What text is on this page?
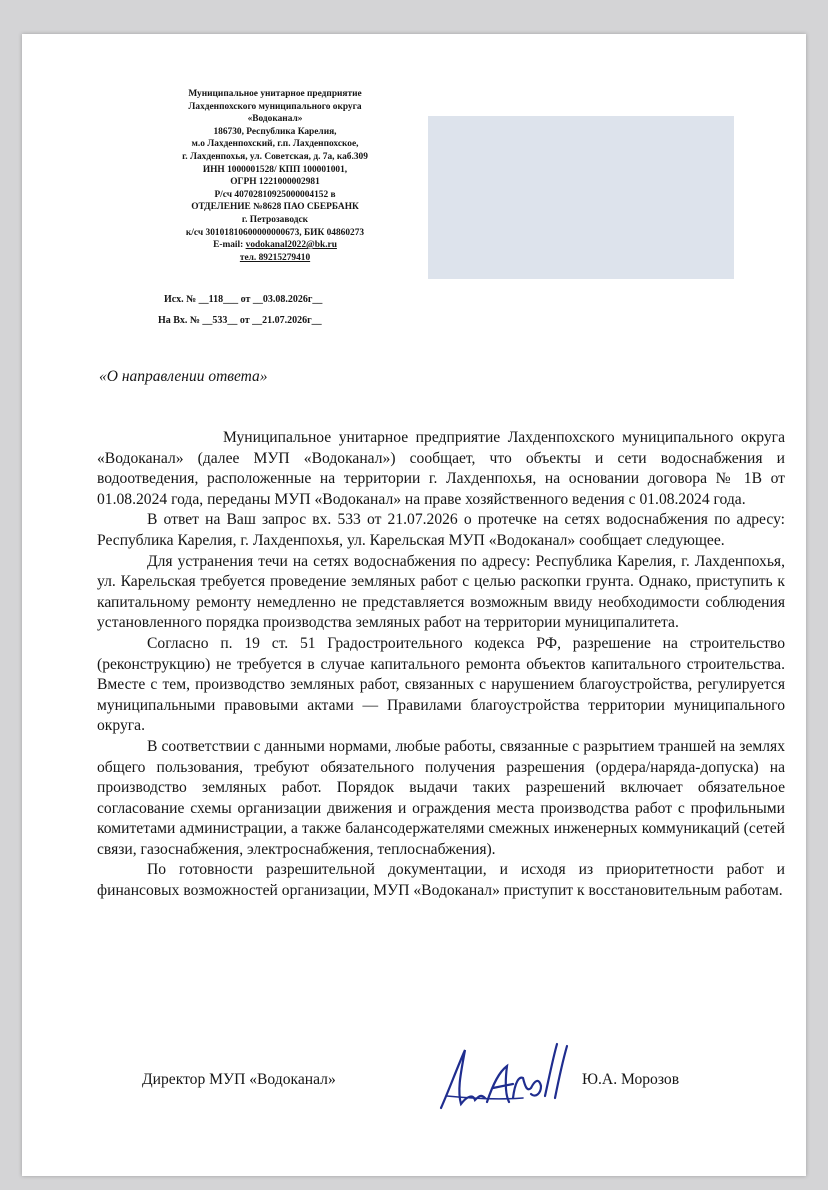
Муниципальное унитарное предприятие
Лахденпохского муниципального округа
«Водоканал»
186730, Республика Карелия,
м.о Лахденпохский, г.п. Лахденпохское,
г. Лахденпохья, ул. Советская, д. 7а, каб.309
ИНН 1000001528/ КПП 100001001,
ОГРН 1221000002981
Р/сч 40702810925000004152 в
ОТДЕЛЕНИЕ №8628 ПАО СБЕРБАНК
г. Петрозаводск
к/сч 30101810600000000673, БИК 04860273
E-mail: vodokanal2022@bk.ru
тел. 89215279410
Исх. № __118___ от __03.08.2026г__
На Вх. № __533__ от __21.07.2026г__
«О направлении ответа»

Муниципальное унитарное предприятие Лахденпохского муниципального округа «Водоканал» (далее МУП «Водоканал») сообщает, что объекты и сети водоснабжения и водоотведения, расположенные на территории г. Лахденпохья, на основании договора № 1В от 01.08.2024 года, переданы МУП «Водоканал» на праве хозяйственного ведения с 01.08.2024 года.

В ответ на Ваш запрос вх. 533 от 21.07.2026 о протечке на сетях водоснабжения по адресу: Республика Карелия, г. Лахденпохья, ул. Карельская МУП «Водоканал» сообщает следующее.

Для устранения течи на сетях водоснабжения по адресу: Республика Карелия, г. Лахденпохья, ул. Карельская требуется проведение земляных работ с целью раскопки грунта. Однако, приступить к капитальному ремонту немедленно не представляется возможным ввиду необходимости соблюдения установленного порядка производства земляных работ на территории муниципалитета.

Согласно п. 19 ст. 51 Градостроительного кодекса РФ, разрешение на строительство (реконструкцию) не требуется в случае капитального ремонта объектов капитального строительства. Вместе с тем, производство земляных работ, связанных с нарушением благоустройства, регулируется муниципальными правовыми актами — Правилами благоустройства территории муниципального округа.

В соответствии с данными нормами, любые работы, связанные с разрытием траншей на землях общего пользования, требуют обязательного получения разрешения (ордера/наряда-допуска) на производство земляных работ. Порядок выдачи таких разрешений включает обязательное согласование схемы организации движения и ограждения места производства работ с профильными комитетами администрации, а также балансодержателями смежных инженерных коммуникаций (сетей связи, газоснабжения, электроснабжения, теплоснабжения).

По готовности разрешительной документации, и исходя из приоритетности работ и финансовых возможностей организации, МУП «Водоканал» приступит к восстановительным работам.

Директор МУП «Водоканал»	Ю.А. Морозов
